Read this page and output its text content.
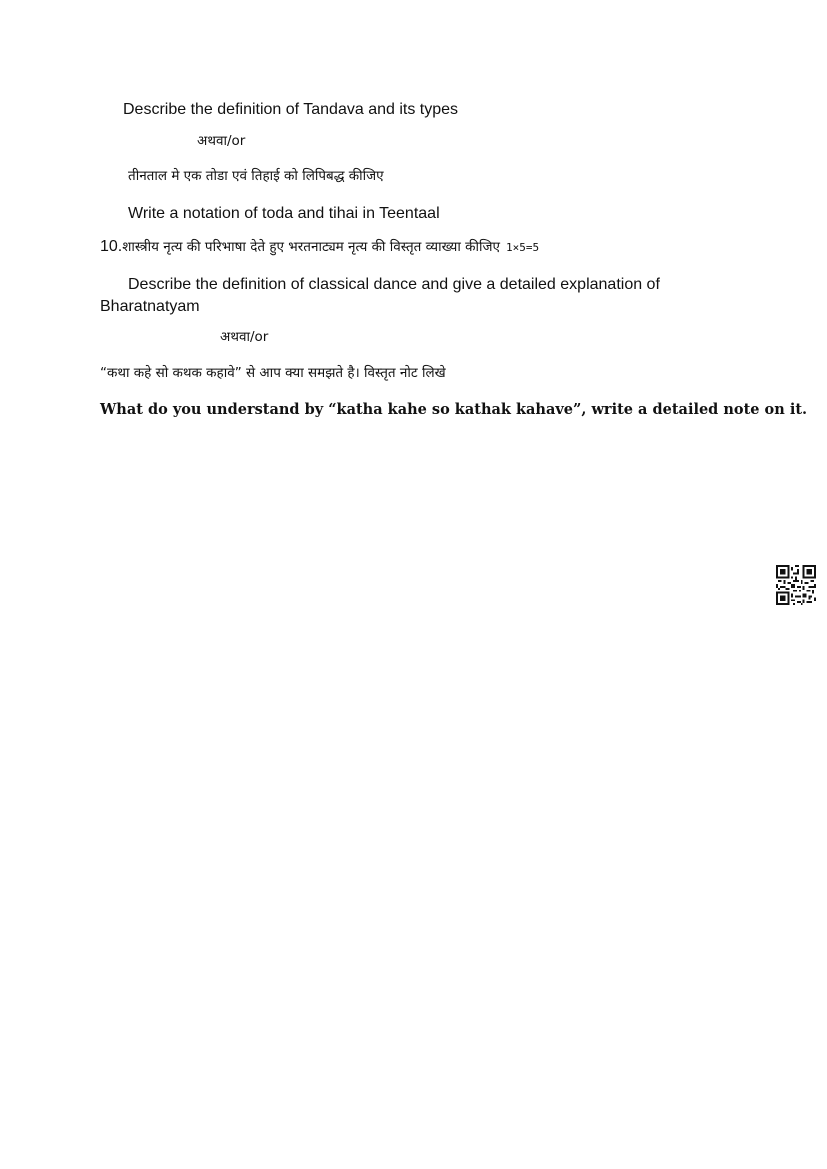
Describe the definition of Tandava and its types
अथवा/or
तीनताल मे एक तोडा एवं तिहाई को लिपिबद्ध कीजिए
Write a notation of toda and tihai in Teentaal
10.शास्त्रीय नृत्य की परिभाषा देते हुए भरतनाट्यम नृत्य की विस्तृत व्याख्या कीजिए 1×5=5
Describe the definition of classical dance and give a detailed explanation of
Bharatnatyam
अथवा/or
“कथा कहे सो कथक कहावे” से आप क्या समझते है। विस्तृत नोट लिखे
What do you understand by “katha kahe so kathak kahave”, write a detailed note on it.
